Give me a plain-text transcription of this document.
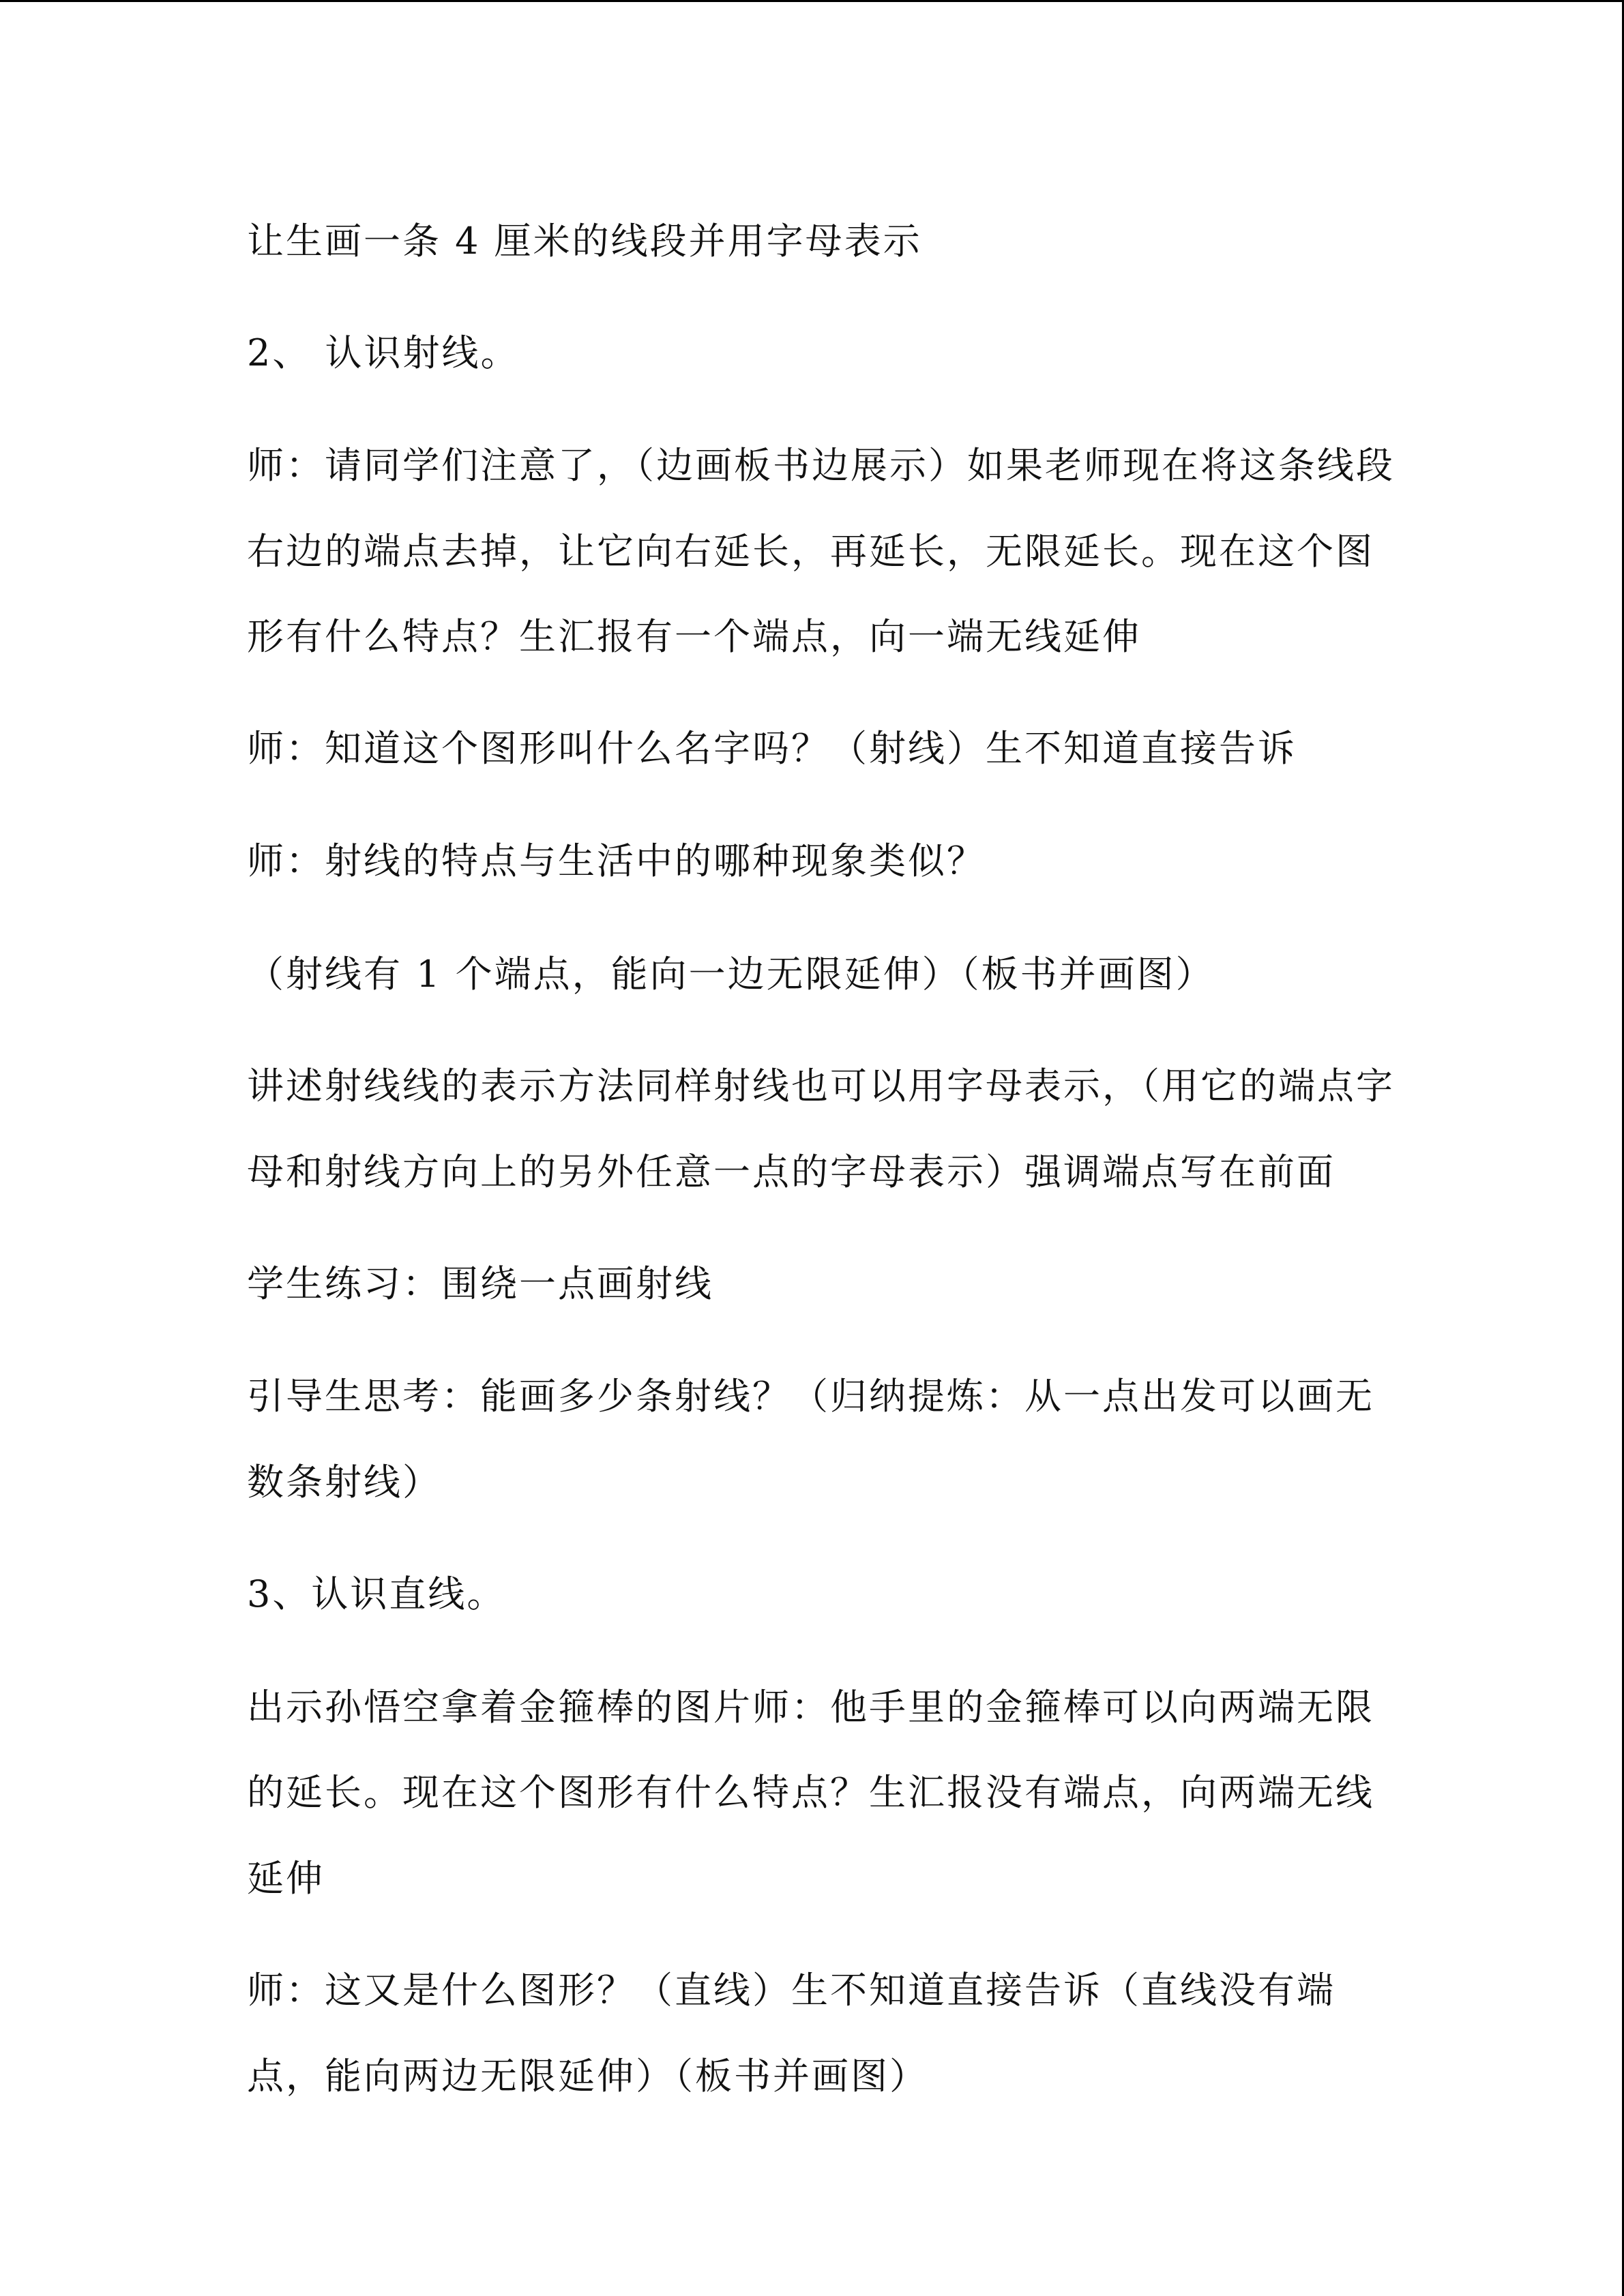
让生画一条 4 厘米的线段并用字母表示
2、 认识射线。
师：请同学们注意了，（边画板书边展示）如果老师现在将这条线段
右边的端点去掉，让它向右延长，再延长，无限延长。现在这个图
形有什么特点？生汇报有一个端点，向一端无线延伸
师：知道这个图形叫什么名字吗？（射线）生不知道直接告诉
师：射线的特点与生活中的哪种现象类似？
（射线有 1 个端点，能向一边无限延伸）（板书并画图）
讲述射线线的表示方法同样射线也可以用字母表示，（用它的端点字
母和射线方向上的另外任意一点的字母表示）强调端点写在前面
学生练习：围绕一点画射线
引导生思考：能画多少条射线？（归纳提炼：从一点出发可以画无
数条射线）
3、认识直线。
出示孙悟空拿着金箍棒的图片师：他手里的金箍棒可以向两端无限
的延长。现在这个图形有什么特点？生汇报没有端点，向两端无线
延伸
师：这又是什么图形？（直线）生不知道直接告诉（直线没有端
点，能向两边无限延伸）（板书并画图）
